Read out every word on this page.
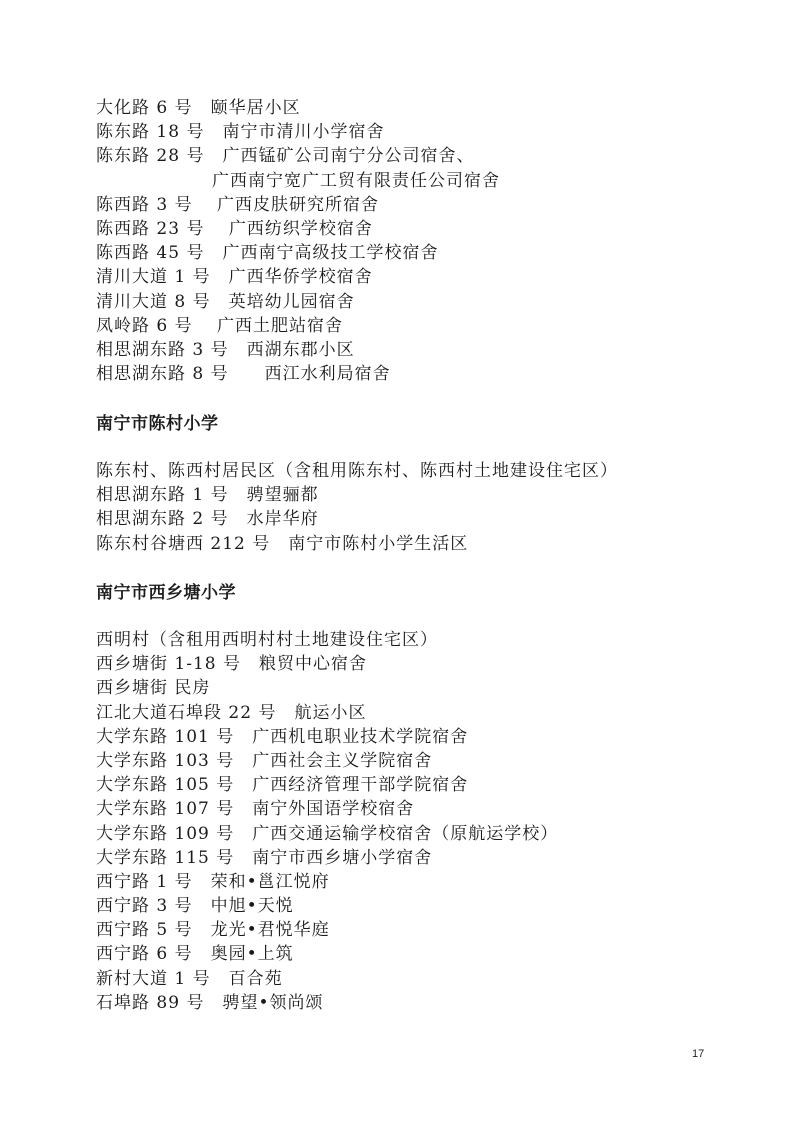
大化路 6 号　颐华居小区
陈东路 18 号　南宁市清川小学宿舍
陈东路 28 号　广西锰矿公司南宁分公司宿舍、
广西南宁宽广工贸有限责任公司宿舍
陈西路 3 号　 广西皮肤研究所宿舍
陈西路 23 号　 广西纺织学校宿舍
陈西路 45 号　广西南宁高级技工学校宿舍
清川大道 1 号　广西华侨学校宿舍
清川大道 8 号　英培幼儿园宿舍
凤岭路 6 号　 广西土肥站宿舍
相思湖东路 3 号　西湖东郡小区
相思湖东路 8 号　　西江水利局宿舍
南宁市陈村小学
陈东村、陈西村居民区（含租用陈东村、陈西村土地建设住宅区）
相思湖东路 1 号　骋望骊都
相思湖东路 2 号　水岸华府
陈东村谷塘西 212 号　南宁市陈村小学生活区
南宁市西乡塘小学
西明村（含租用西明村村土地建设住宅区）
西乡塘街 1-18 号　粮贸中心宿舍
西乡塘街 民房
江北大道石埠段 22 号　航运小区
大学东路 101 号　广西机电职业技术学院宿舍
大学东路 103 号　广西社会主义学院宿舍
大学东路 105 号　广西经济管理干部学院宿舍
大学东路 107 号　南宁外国语学校宿舍
大学东路 109 号　广西交通运输学校宿舍（原航运学校）
大学东路 115 号　南宁市西乡塘小学宿舍
西宁路 1 号　荣和•邕江悦府
西宁路 3 号　中旭•天悦
西宁路 5 号　龙光•君悦华庭
西宁路 6 号　奥园•上筑
新村大道 1 号　百合苑
石埠路 89 号　骋望•领尚颂
17
